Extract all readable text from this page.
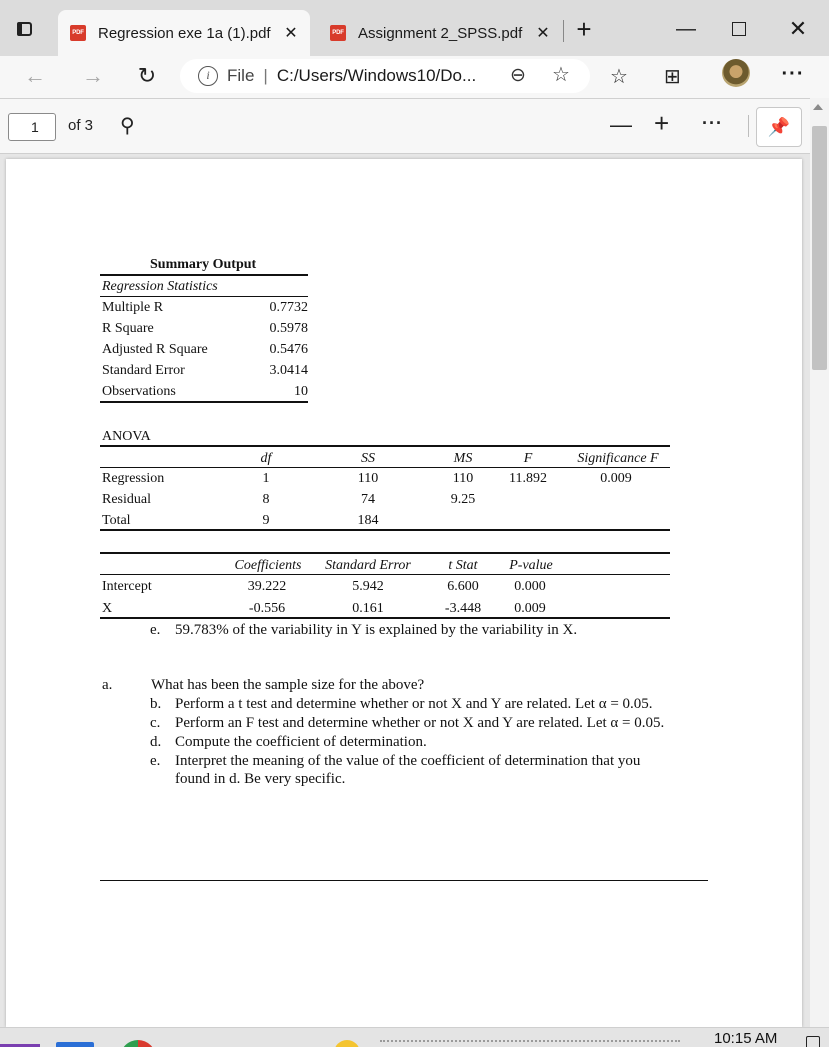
PDF Regression exe 1a (1).pdf ✕	PDF Assignment 2_SPSS.pdf ✕ +	—	✕
← → ↻	i	File | C:/Users/Windows10/Do... ⊖ ☆ ☆ ⊞	···
1	of 3 ⚲	— + ···	📌
Summary Output
Regression Statistics
Multiple R	0.7732
R Square	0.5978
Adjusted R Square	0.5476
Standard Error	3.0414
Observations	10
ANOVA
df	SS	MS	F	Significance F
Regression	1	110	110	11.892	0.009
Residual	8	74	9.25
Total	9	184
Coefficients	Standard Error	t Stat	P-value
Intercept	39.222	5.942	6.600	0.000
X	-0.556	0.161	-3.448	0.009
e. 59.783% of the variability in Y is explained by the variability in X.
a.	What has been the sample size for the above?
b. Perform a t test and determine whether or not X and Y are related. Let α = 0.05.
c. Perform an F test and determine whether or not X and Y are related. Let α = 0.05.
d. Compute the coefficient of determination.
e. Interpret the meaning of the value of the coefficient of determination that you
found in d. Be very specific.
10:15 AM
